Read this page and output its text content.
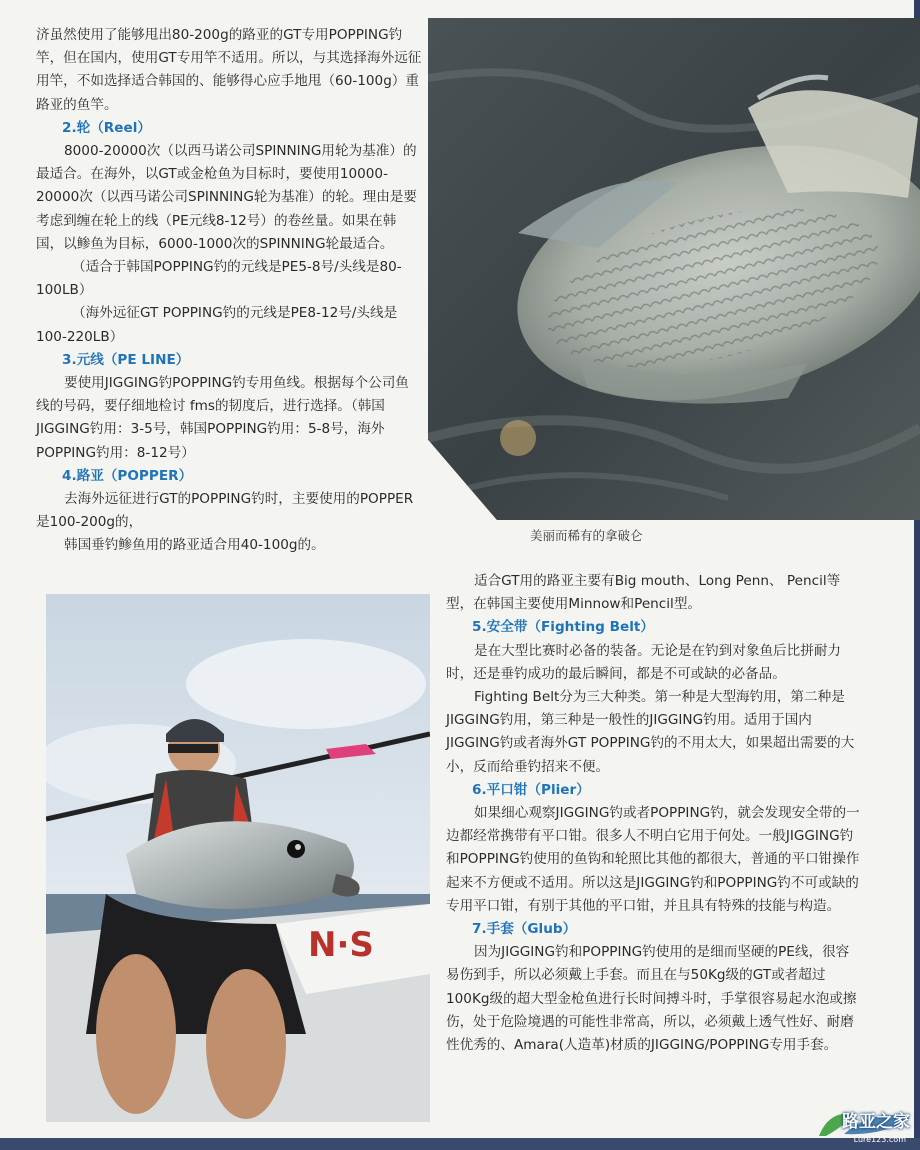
济虽然使用了能够甩出80-200g的路亚的GT专用POPPING钓竿，但在国内，使用GT专用竿不适用。所以，与其选择海外远征用竿，不如选择适合韩国的、能够得心应手地甩（60-100g）重路亚的鱼竿。

2.轮（Reel）

8000-20000次（以西马诺公司SPINNING用轮为基准）的最适合。在海外，以GT或金枪鱼为目标时，要使用10000-20000次（以西马诺公司SPINNING轮为基准）的轮。理由是要考虑到缠在轮上的线（PE元线8-12号）的卷丝量。如果在韩国，以鲹鱼为目标，6000-1000次的SPINNING轮最适合。

（适合于韩国POPPING钓的元线是PE5-8号/头线是80-100LB）

（海外远征GT POPPING钓的元线是PE8-12号/头线是100-220LB）

3.元线（PE LINE）

要使用JIGGING钓POPPING钓专用鱼线。根据每个公司鱼线的号码，要仔细地检讨 fms的韧度后，进行选择。（韩国JIGGING钓用：3-5号，韩国POPPING钓用：5-8号，海外POPPING钓用：8-12号）

4.路亚（POPPER）

去海外远征进行GT的POPPING钓时，主要使用的POPPER是100-200g的，

韩国垂钓鲹鱼用的路亚适合用40-100g的。

美丽而稀有的拿破仑

适合GT用的路亚主要有Big mouth、Long Penn、 Pencil等型，在韩国主要使用Minnow和Pencil型。

5.安全带（Fighting Belt）

是在大型比赛时必备的装备。无论是在钓到对象鱼后比拼耐力时，还是垂钓成功的最后瞬间，都是不可或缺的必备品。

Fighting Belt分为三大种类。第一种是大型海钓用，第二种是JIGGING钓用，第三种是一般性的JIGGING钓用。适用于国内JIGGING钓或者海外GT POPPING钓的不用太大，如果超出需要的大小，反而给垂钓招来不便。

6.平口钳（Plier）

如果细心观察JIGGING钓或者POPPING钓，就会发现安全带的一边都经常携带有平口钳。很多人不明白它用于何处。一般JIGGING钓和POPPING钓使用的鱼钩和轮照比其他的都很大，普通的平口钳操作起来不方便或不适用。所以这是JIGGING钓和POPPING钓不可或缺的专用平口钳，有别于其他的平口钳，并且具有特殊的技能与构造。

7.手套（Glub）

因为JIGGING钓和POPPING钓使用的是细而坚硬的PE线，很容易伤到手，所以必须戴上手套。而且在与50Kg级的GT或者超过100Kg级的超大型金枪鱼进行长时间搏斗时，手掌很容易起水泡或擦伤，处于危险境遇的可能性非常高，所以，必须戴上透气性好、耐磨性优秀的、Amara(人造革)材质的JIGGING/POPPING专用手套。

N·S
路亚之家
Lure123.com
